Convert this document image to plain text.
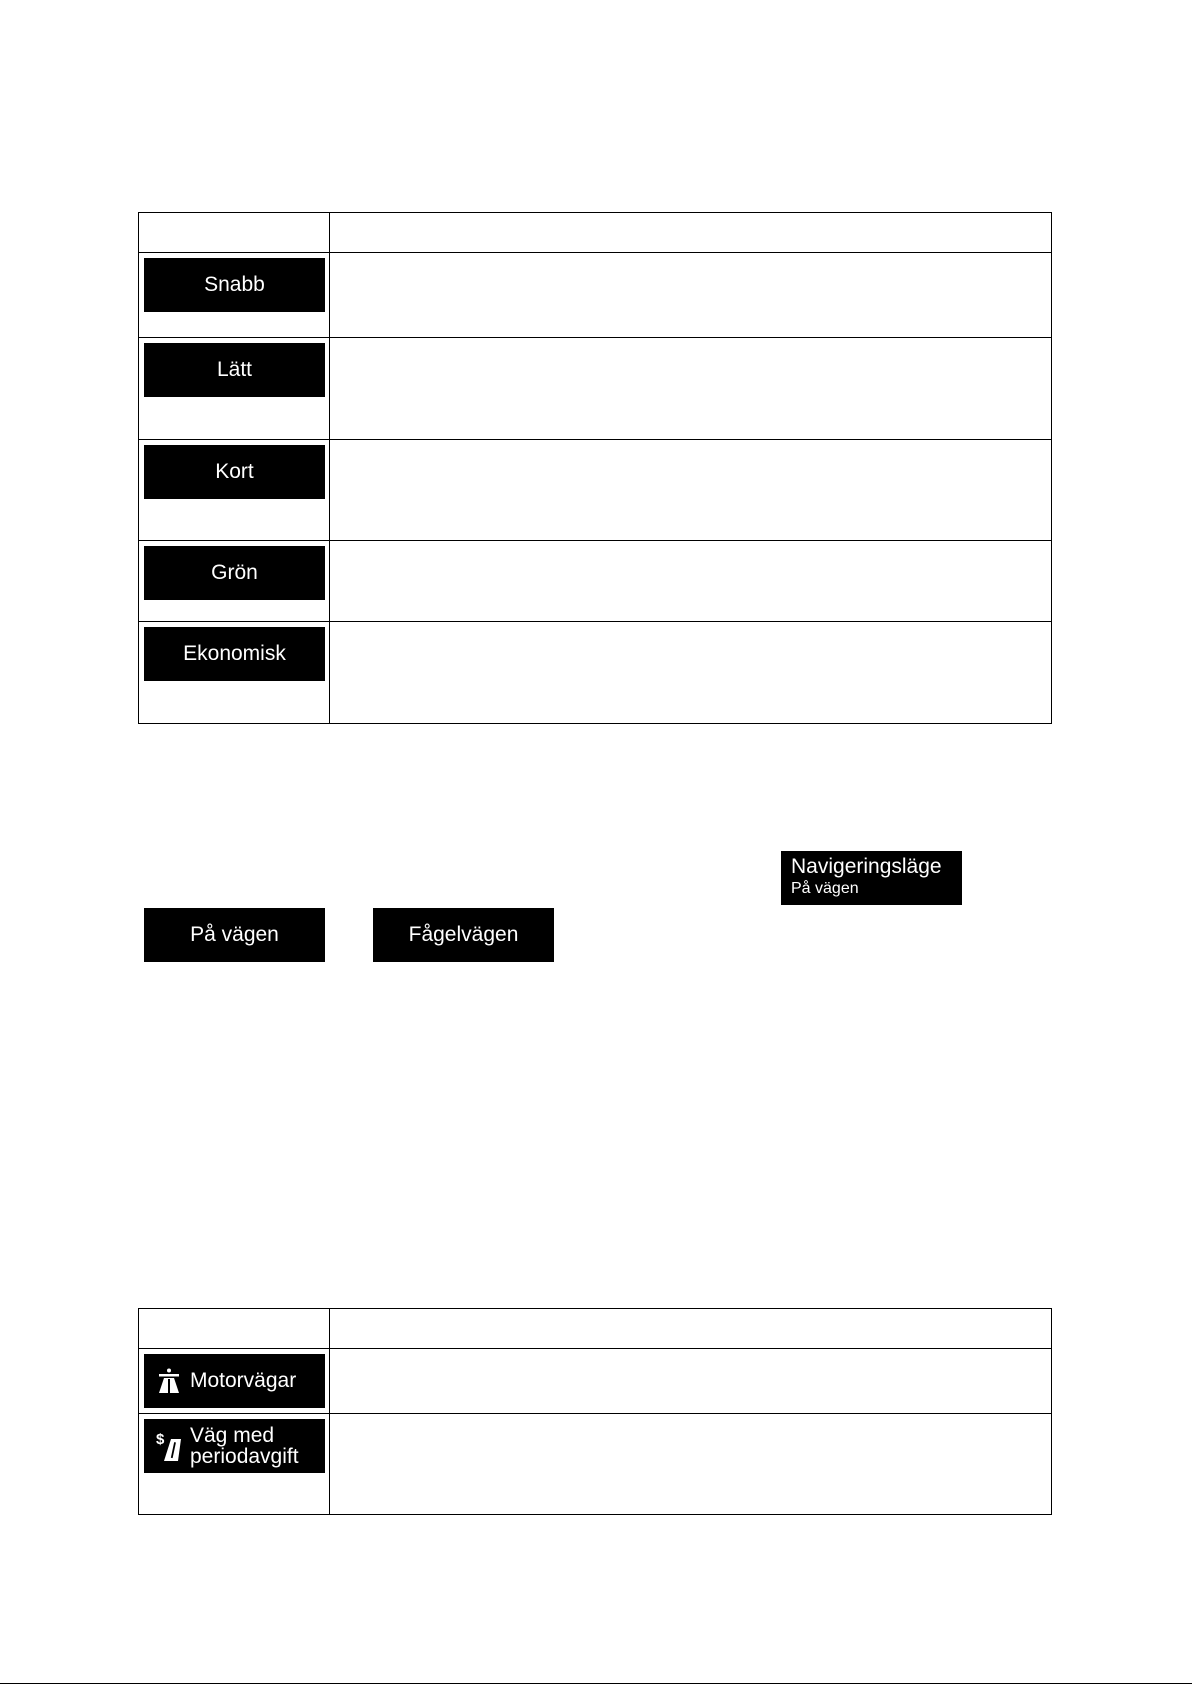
Snabb	

Lätt	

Kort	

Grön	

Ekonomisk	

Navigeringsläge
På vägen
På vägen	Fågelvägen

Motorvägar	

$ Väg med
periodavgift	
